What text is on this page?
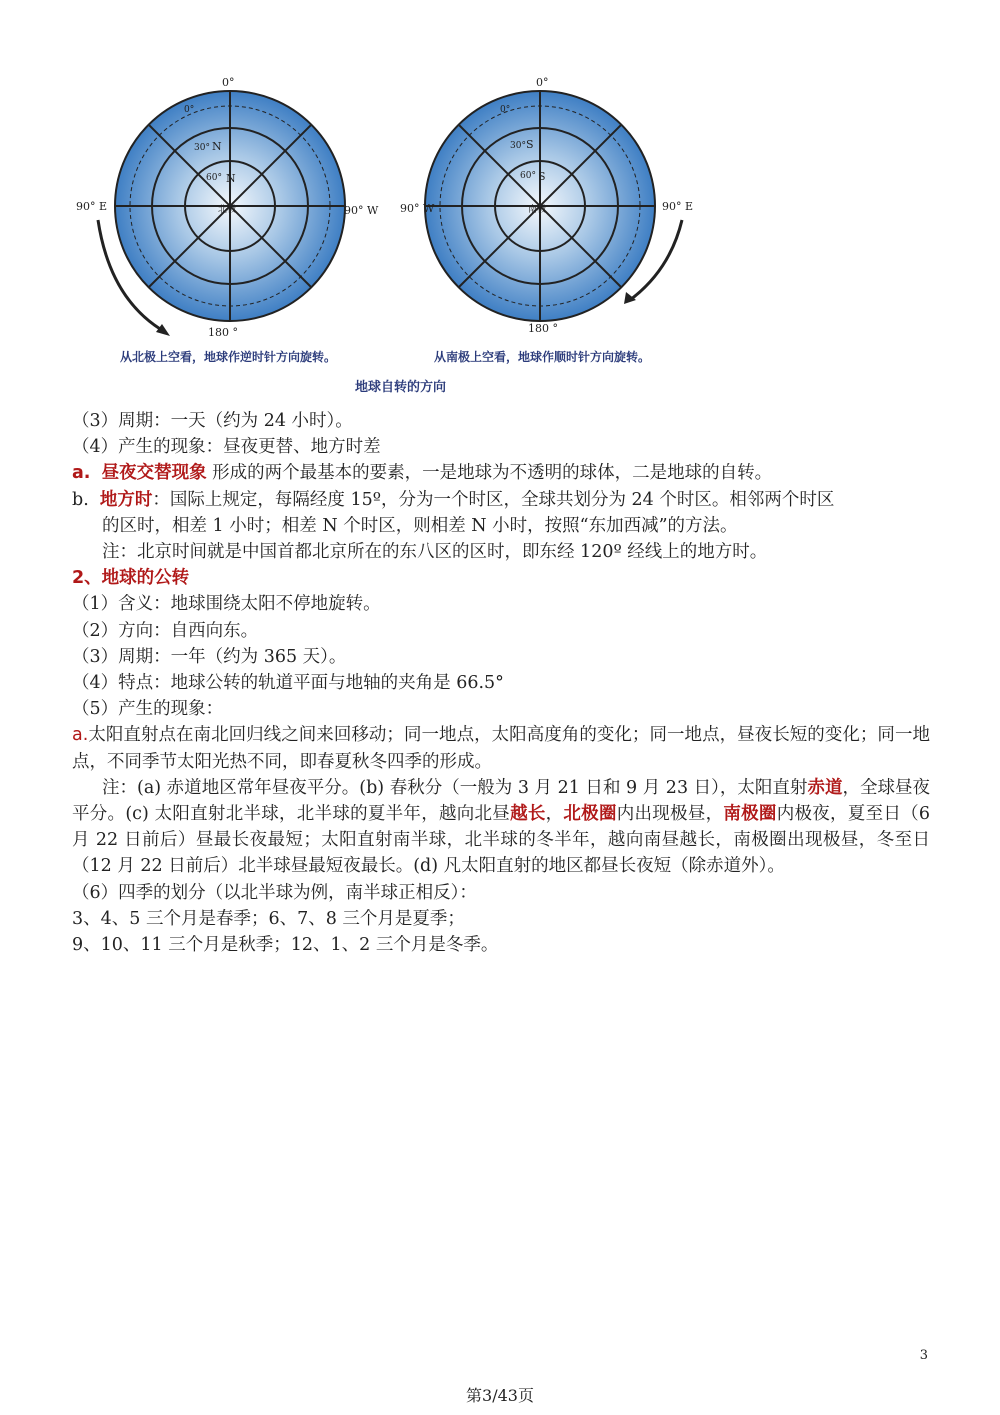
0°
0°
30° N
60° N
北极
90° E	90° W
180 °
0°
0°
30° S
60° S
南极
90° W	90° E
180 °
从北极上空看，地球作逆时针方向旋转。	从南极上空看，地球作顺时针方向旋转。
地球自转的方向
（3）周期：一天（约为 24 小时）。
（4）产生的现象：昼夜更替、地方时差
a. 昼夜交替现象 形成的两个最基本的要素，一是地球为不透明的球体，二是地球的自转。
b. 地方时：国际上规定，每隔经度 15º，分为一个时区，全球共划分为 24 个时区。相邻两个时区
的区时，相差 1 小时；相差 N 个时区，则相差 N 小时，按照“东加西减”的方法。
注：北京时间就是中国首都北京所在的东八区的区时，即东经 120º 经线上的地方时。
2、地球的公转
（1）含义：地球围绕太阳不停地旋转。
（2）方向：自西向东。
（3）周期：一年（约为 365 天）。
（4）特点：地球公转的轨道平面与地轴的夹角是 66.5°
（5）产生的现象：
a.太阳直射点在南北回归线之间来回移动；同一地点，太阳高度角的变化；同一地点，昼夜长短的变化；同一地点，不同季节太阳光热不同，即春夏秋冬四季的形成。
注：(a) 赤道地区常年昼夜平分。(b) 春秋分（一般为 3 月 21 日和 9 月 23 日），太阳直射赤道，全球昼夜平分。(c) 太阳直射北半球，北半球的夏半年，越向北昼越长，北极圈内出现极昼，南极圈内极夜，夏至日（6 月 22 日前后）昼最长夜最短；太阳直射南半球，北半球的冬半年，越向南昼越长，南极圈出现极昼，冬至日（12 月 22 日前后）北半球昼最短夜最长。(d) 凡太阳直射的地区都昼长夜短（除赤道外）。
（6）四季的划分（以北半球为例，南半球正相反）：
3、4、5 三个月是春季；6、7、8 三个月是夏季；
9、10、11 三个月是秋季；12、1、2 三个月是冬季。
3
第3/43页
